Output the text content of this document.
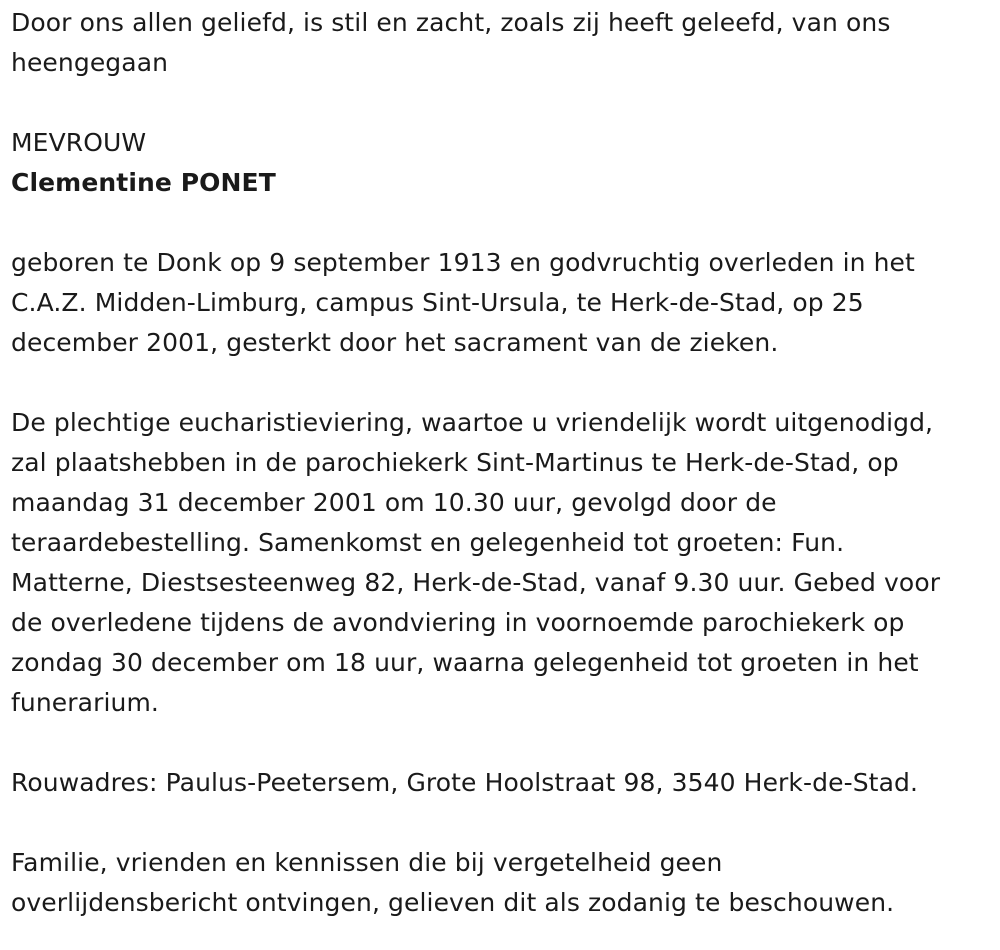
Door ons allen geliefd, is stil en zacht, zoals zij heeft geleefd, van ons
heengegaan

MEVROUW

Clementine PONET

geboren te Donk op 9 september 1913 en godvruchtig overleden in het
C.A.Z. Midden-Limburg, campus Sint-Ursula, te Herk-de-Stad, op 25
december 2001, gesterkt door het sacrament van de zieken.

De plechtige eucharistieviering, waartoe u vriendelijk wordt uitgenodigd,
zal plaatshebben in de parochiekerk Sint-Martinus te Herk-de-Stad, op
maandag 31 december 2001 om 10.30 uur, gevolgd door de
teraardebestelling. Samenkomst en gelegenheid tot groeten: Fun.
Matterne, Diestsesteenweg 82, Herk-de-Stad, vanaf 9.30 uur. Gebed voor
de overledene tijdens de avondviering in voornoemde parochiekerk op
zondag 30 december om 18 uur, waarna gelegenheid tot groeten in het
funerarium.

Rouwadres: Paulus-Peetersem, Grote Hoolstraat 98, 3540 Herk-de-Stad.

Familie, vrienden en kennissen die bij vergetelheid geen
overlijdensbericht ontvingen, gelieven dit als zodanig te beschouwen.
